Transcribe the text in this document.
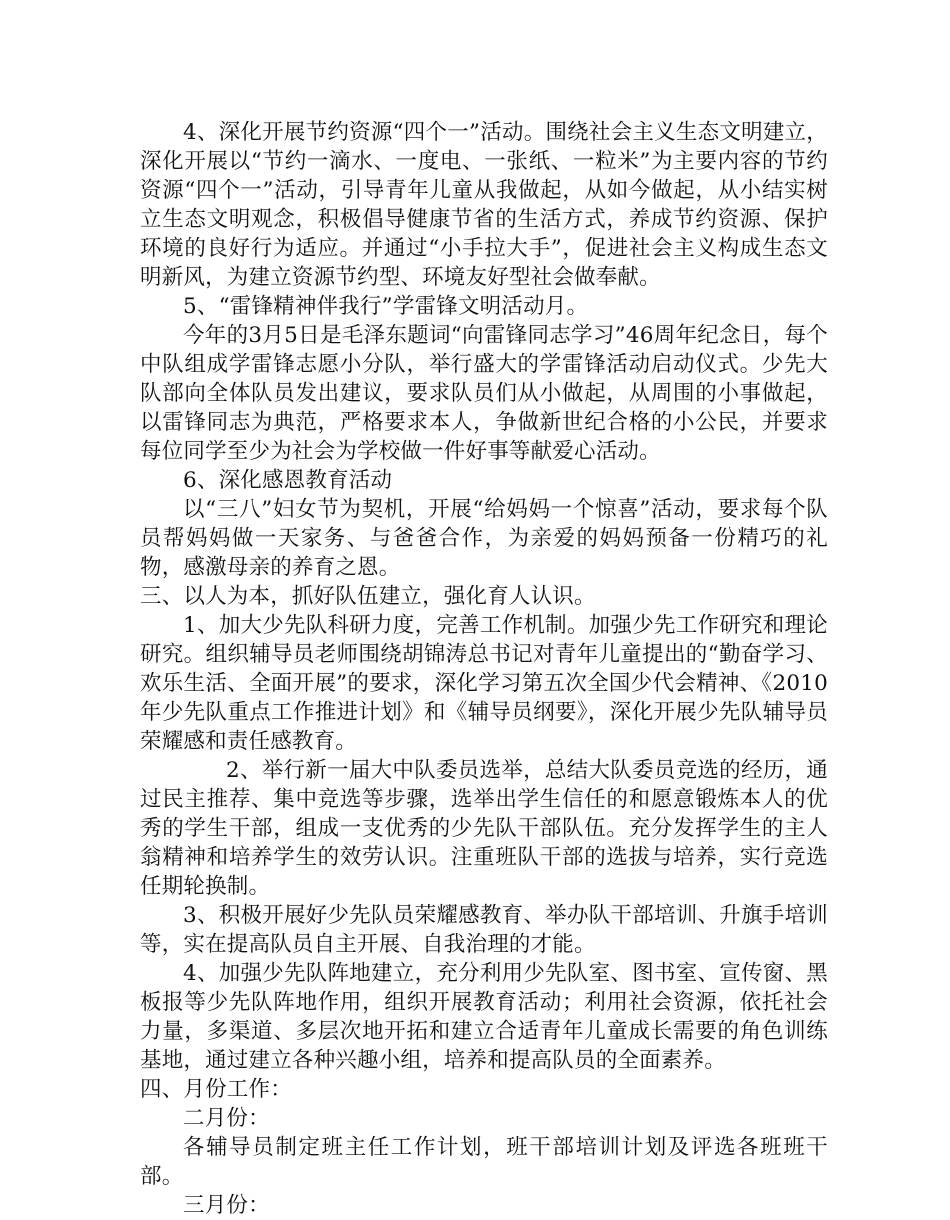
4、深化开展节约资源“四个一”活动。围绕社会主义生态文明建立，深化开展以“节约一滴水、一度电、一张纸、一粒米”为主要内容的节约资源“四个一”活动，引导青年儿童从我做起，从如今做起，从小结实树立生态文明观念，积极倡导健康节省的生活方式，养成节约资源、保护环境的良好行为适应。并通过“小手拉大手”，促进社会主义构成生态文明新风，为建立资源节约型、环境友好型社会做奉献。

5、“雷锋精神伴我行”学雷锋文明活动月。

今年的3月5日是毛泽东题词“向雷锋同志学习”46周年纪念日，每个中队组成学雷锋志愿小分队，举行盛大的学雷锋活动启动仪式。少先大队部向全体队员发出建议，要求队员们从小做起，从周围的小事做起，以雷锋同志为典范，严格要求本人，争做新世纪合格的小公民，并要求每位同学至少为社会为学校做一件好事等献爱心活动。

6、深化感恩教育活动

以“三八”妇女节为契机，开展“给妈妈一个惊喜”活动，要求每个队员帮妈妈做一天家务、与爸爸合作，为亲爱的妈妈预备一份精巧的礼物，感激母亲的养育之恩。

三、以人为本，抓好队伍建立，强化育人认识。

1、加大少先队科研力度，完善工作机制。加强少先工作研究和理论研究。组织辅导员老师围绕胡锦涛总书记对青年儿童提出的“勤奋学习、欢乐生活、全面开展”的要求，深化学习第五次全国少代会精神、《2010年少先队重点工作推进计划》和《辅导员纲要》，深化开展少先队辅导员荣耀感和责任感教育。

2、举行新一届大中队委员选举，总结大队委员竞选的经历，通过民主推荐、集中竞选等步骤，选举出学生信任的和愿意锻炼本人的优秀的学生干部，组成一支优秀的少先队干部队伍。充分发挥学生的主人翁精神和培养学生的效劳认识。注重班队干部的选拔与培养，实行竞选任期轮换制。

3、积极开展好少先队员荣耀感教育、举办队干部培训、升旗手培训等，实在提高队员自主开展、自我治理的才能。

4、加强少先队阵地建立，充分利用少先队室、图书室、宣传窗、黑板报等少先队阵地作用，组织开展教育活动；利用社会资源，依托社会力量，多渠道、多层次地开拓和建立合适青年儿童成长需要的角色训练基地，通过建立各种兴趣小组，培养和提高队员的全面素养。

四、月份工作：

二月份：

各辅导员制定班主任工作计划，班干部培训计划及评选各班班干部。

三月份：
